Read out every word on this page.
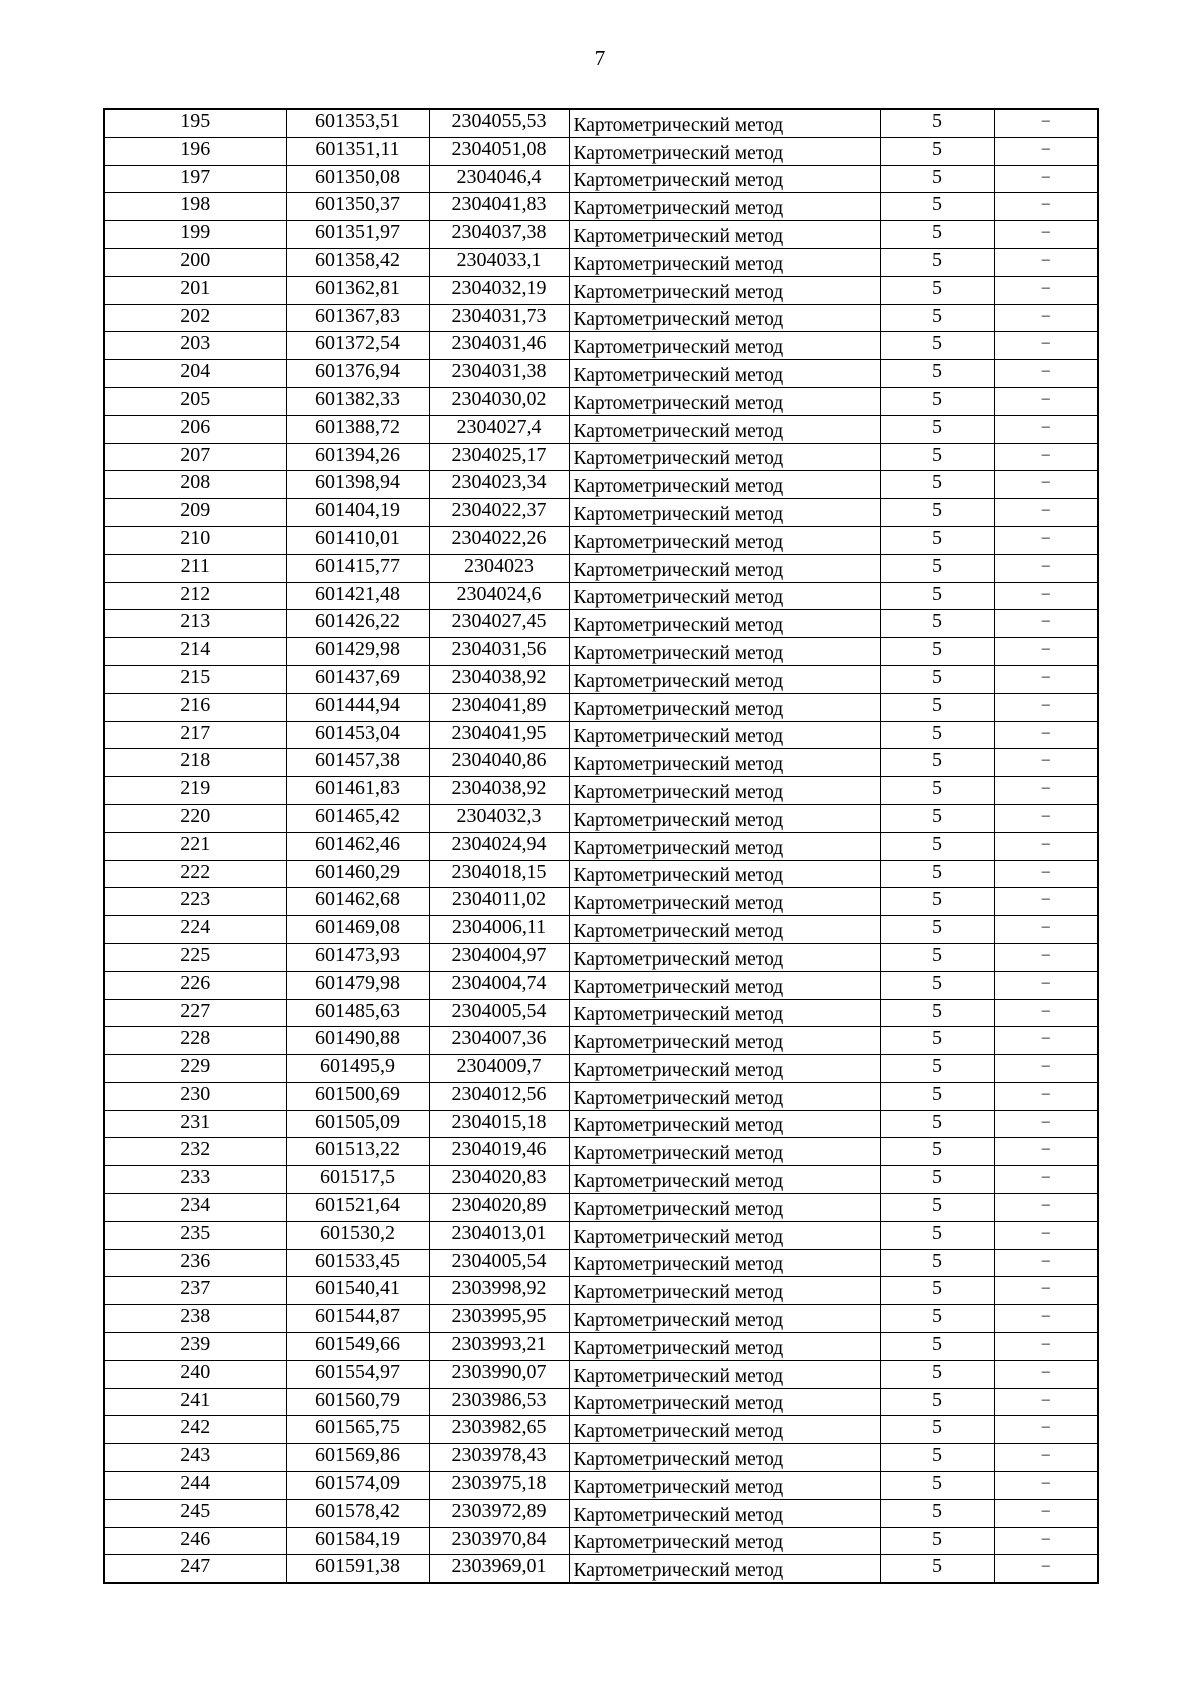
7
195	601353,51	2304055,53	Картометрический метод	5	–
196	601351,11	2304051,08	Картометрический метод	5	–
197	601350,08	2304046,4	Картометрический метод	5	–
198	601350,37	2304041,83	Картометрический метод	5	–
199	601351,97	2304037,38	Картометрический метод	5	–
200	601358,42	2304033,1	Картометрический метод	5	–
201	601362,81	2304032,19	Картометрический метод	5	–
202	601367,83	2304031,73	Картометрический метод	5	–
203	601372,54	2304031,46	Картометрический метод	5	–
204	601376,94	2304031,38	Картометрический метод	5	–
205	601382,33	2304030,02	Картометрический метод	5	–
206	601388,72	2304027,4	Картометрический метод	5	–
207	601394,26	2304025,17	Картометрический метод	5	–
208	601398,94	2304023,34	Картометрический метод	5	–
209	601404,19	2304022,37	Картометрический метод	5	–
210	601410,01	2304022,26	Картометрический метод	5	–
211	601415,77	2304023	Картометрический метод	5	–
212	601421,48	2304024,6	Картометрический метод	5	–
213	601426,22	2304027,45	Картометрический метод	5	–
214	601429,98	2304031,56	Картометрический метод	5	–
215	601437,69	2304038,92	Картометрический метод	5	–
216	601444,94	2304041,89	Картометрический метод	5	–
217	601453,04	2304041,95	Картометрический метод	5	–
218	601457,38	2304040,86	Картометрический метод	5	–
219	601461,83	2304038,92	Картометрический метод	5	–
220	601465,42	2304032,3	Картометрический метод	5	–
221	601462,46	2304024,94	Картометрический метод	5	–
222	601460,29	2304018,15	Картометрический метод	5	–
223	601462,68	2304011,02	Картометрический метод	5	–
224	601469,08	2304006,11	Картометрический метод	5	–
225	601473,93	2304004,97	Картометрический метод	5	–
226	601479,98	2304004,74	Картометрический метод	5	–
227	601485,63	2304005,54	Картометрический метод	5	–
228	601490,88	2304007,36	Картометрический метод	5	–
229	601495,9	2304009,7	Картометрический метод	5	–
230	601500,69	2304012,56	Картометрический метод	5	–
231	601505,09	2304015,18	Картометрический метод	5	–
232	601513,22	2304019,46	Картометрический метод	5	–
233	601517,5	2304020,83	Картометрический метод	5	–
234	601521,64	2304020,89	Картометрический метод	5	–
235	601530,2	2304013,01	Картометрический метод	5	–
236	601533,45	2304005,54	Картометрический метод	5	–
237	601540,41	2303998,92	Картометрический метод	5	–
238	601544,87	2303995,95	Картометрический метод	5	–
239	601549,66	2303993,21	Картометрический метод	5	–
240	601554,97	2303990,07	Картометрический метод	5	–
241	601560,79	2303986,53	Картометрический метод	5	–
242	601565,75	2303982,65	Картометрический метод	5	–
243	601569,86	2303978,43	Картометрический метод	5	–
244	601574,09	2303975,18	Картометрический метод	5	–
245	601578,42	2303972,89	Картометрический метод	5	–
246	601584,19	2303970,84	Картометрический метод	5	–
247	601591,38	2303969,01	Картометрический метод	5	–
